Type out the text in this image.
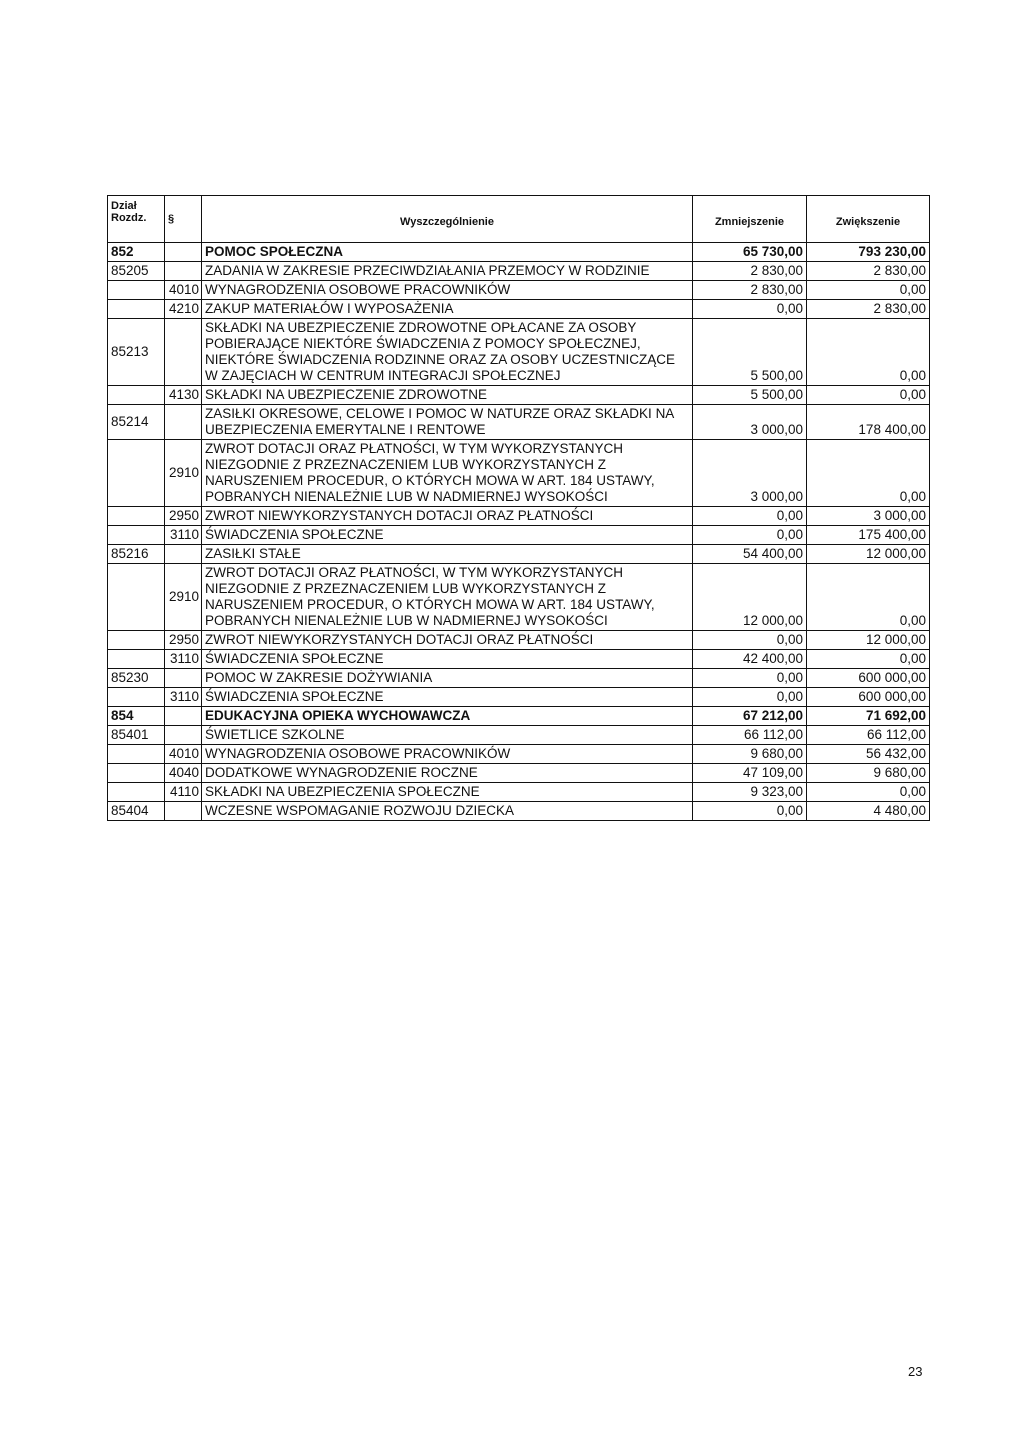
Dział
Rozdz.	§	Wyszczególnienie	Zmniejszenie	Zwiększenie
852		POMOC SPOŁECZNA	65 730,00	793 230,00
85205		ZADANIA W ZAKRESIE PRZECIWDZIAŁANIA PRZEMOCY W RODZINIE	2 830,00	2 830,00
	4010	WYNAGRODZENIA OSOBOWE PRACOWNIKÓW	2 830,00	0,00
	4210	ZAKUP MATERIAŁÓW I WYPOSAŻENIA	0,00	2 830,00
85213		SKŁADKI NA UBEZPIECZENIE ZDROWOTNE OPŁACANE ZA OSOBY POBIERAJĄCE NIEKTÓRE ŚWIADCZENIA Z POMOCY SPOŁECZNEJ, NIEKTÓRE ŚWIADCZENIA RODZINNE ORAZ ZA OSOBY UCZESTNICZĄCE W ZAJĘCIACH W CENTRUM INTEGRACJI SPOŁECZNEJ	5 500,00	0,00
	4130	SKŁADKI NA UBEZPIECZENIE ZDROWOTNE	5 500,00	0,00
85214		ZASIŁKI OKRESOWE, CELOWE I POMOC W NATURZE ORAZ SKŁADKI NA UBEZPIECZENIA EMERYTALNE I RENTOWE	3 000,00	178 400,00
	2910	ZWROT DOTACJI ORAZ PŁATNOŚCI, W TYM WYKORZYSTANYCH NIEZGODNIE Z PRZEZNACZENIEM LUB WYKORZYSTANYCH Z NARUSZENIEM PROCEDUR, O KTÓRYCH MOWA W ART. 184 USTAWY, POBRANYCH NIENALEŻNIE LUB W NADMIERNEJ WYSOKOŚCI	3 000,00	0,00
	2950	ZWROT NIEWYKORZYSTANYCH DOTACJI ORAZ PŁATNOŚCI	0,00	3 000,00
	3110	ŚWIADCZENIA SPOŁECZNE	0,00	175 400,00
85216		ZASIŁKI STAŁE	54 400,00	12 000,00
	2910	ZWROT DOTACJI ORAZ PŁATNOŚCI, W TYM WYKORZYSTANYCH NIEZGODNIE Z PRZEZNACZENIEM LUB WYKORZYSTANYCH Z NARUSZENIEM PROCEDUR, O KTÓRYCH MOWA W ART. 184 USTAWY, POBRANYCH NIENALEŻNIE LUB W NADMIERNEJ WYSOKOŚCI	12 000,00	0,00
	2950	ZWROT NIEWYKORZYSTANYCH DOTACJI ORAZ PŁATNOŚCI	0,00	12 000,00
	3110	ŚWIADCZENIA SPOŁECZNE	42 400,00	0,00
85230		POMOC W ZAKRESIE DOŻYWIANIA	0,00	600 000,00
	3110	ŚWIADCZENIA SPOŁECZNE	0,00	600 000,00
854		EDUKACYJNA OPIEKA WYCHOWAWCZA	67 212,00	71 692,00
85401		ŚWIETLICE SZKOLNE	66 112,00	66 112,00
	4010	WYNAGRODZENIA OSOBOWE PRACOWNIKÓW	9 680,00	56 432,00
	4040	DODATKOWE WYNAGRODZENIE ROCZNE	47 109,00	9 680,00
	4110	SKŁADKI NA UBEZPIECZENIA SPOŁECZNE	9 323,00	0,00
85404		WCZESNE WSPOMAGANIE ROZWOJU DZIECKA	0,00	4 480,00
23
